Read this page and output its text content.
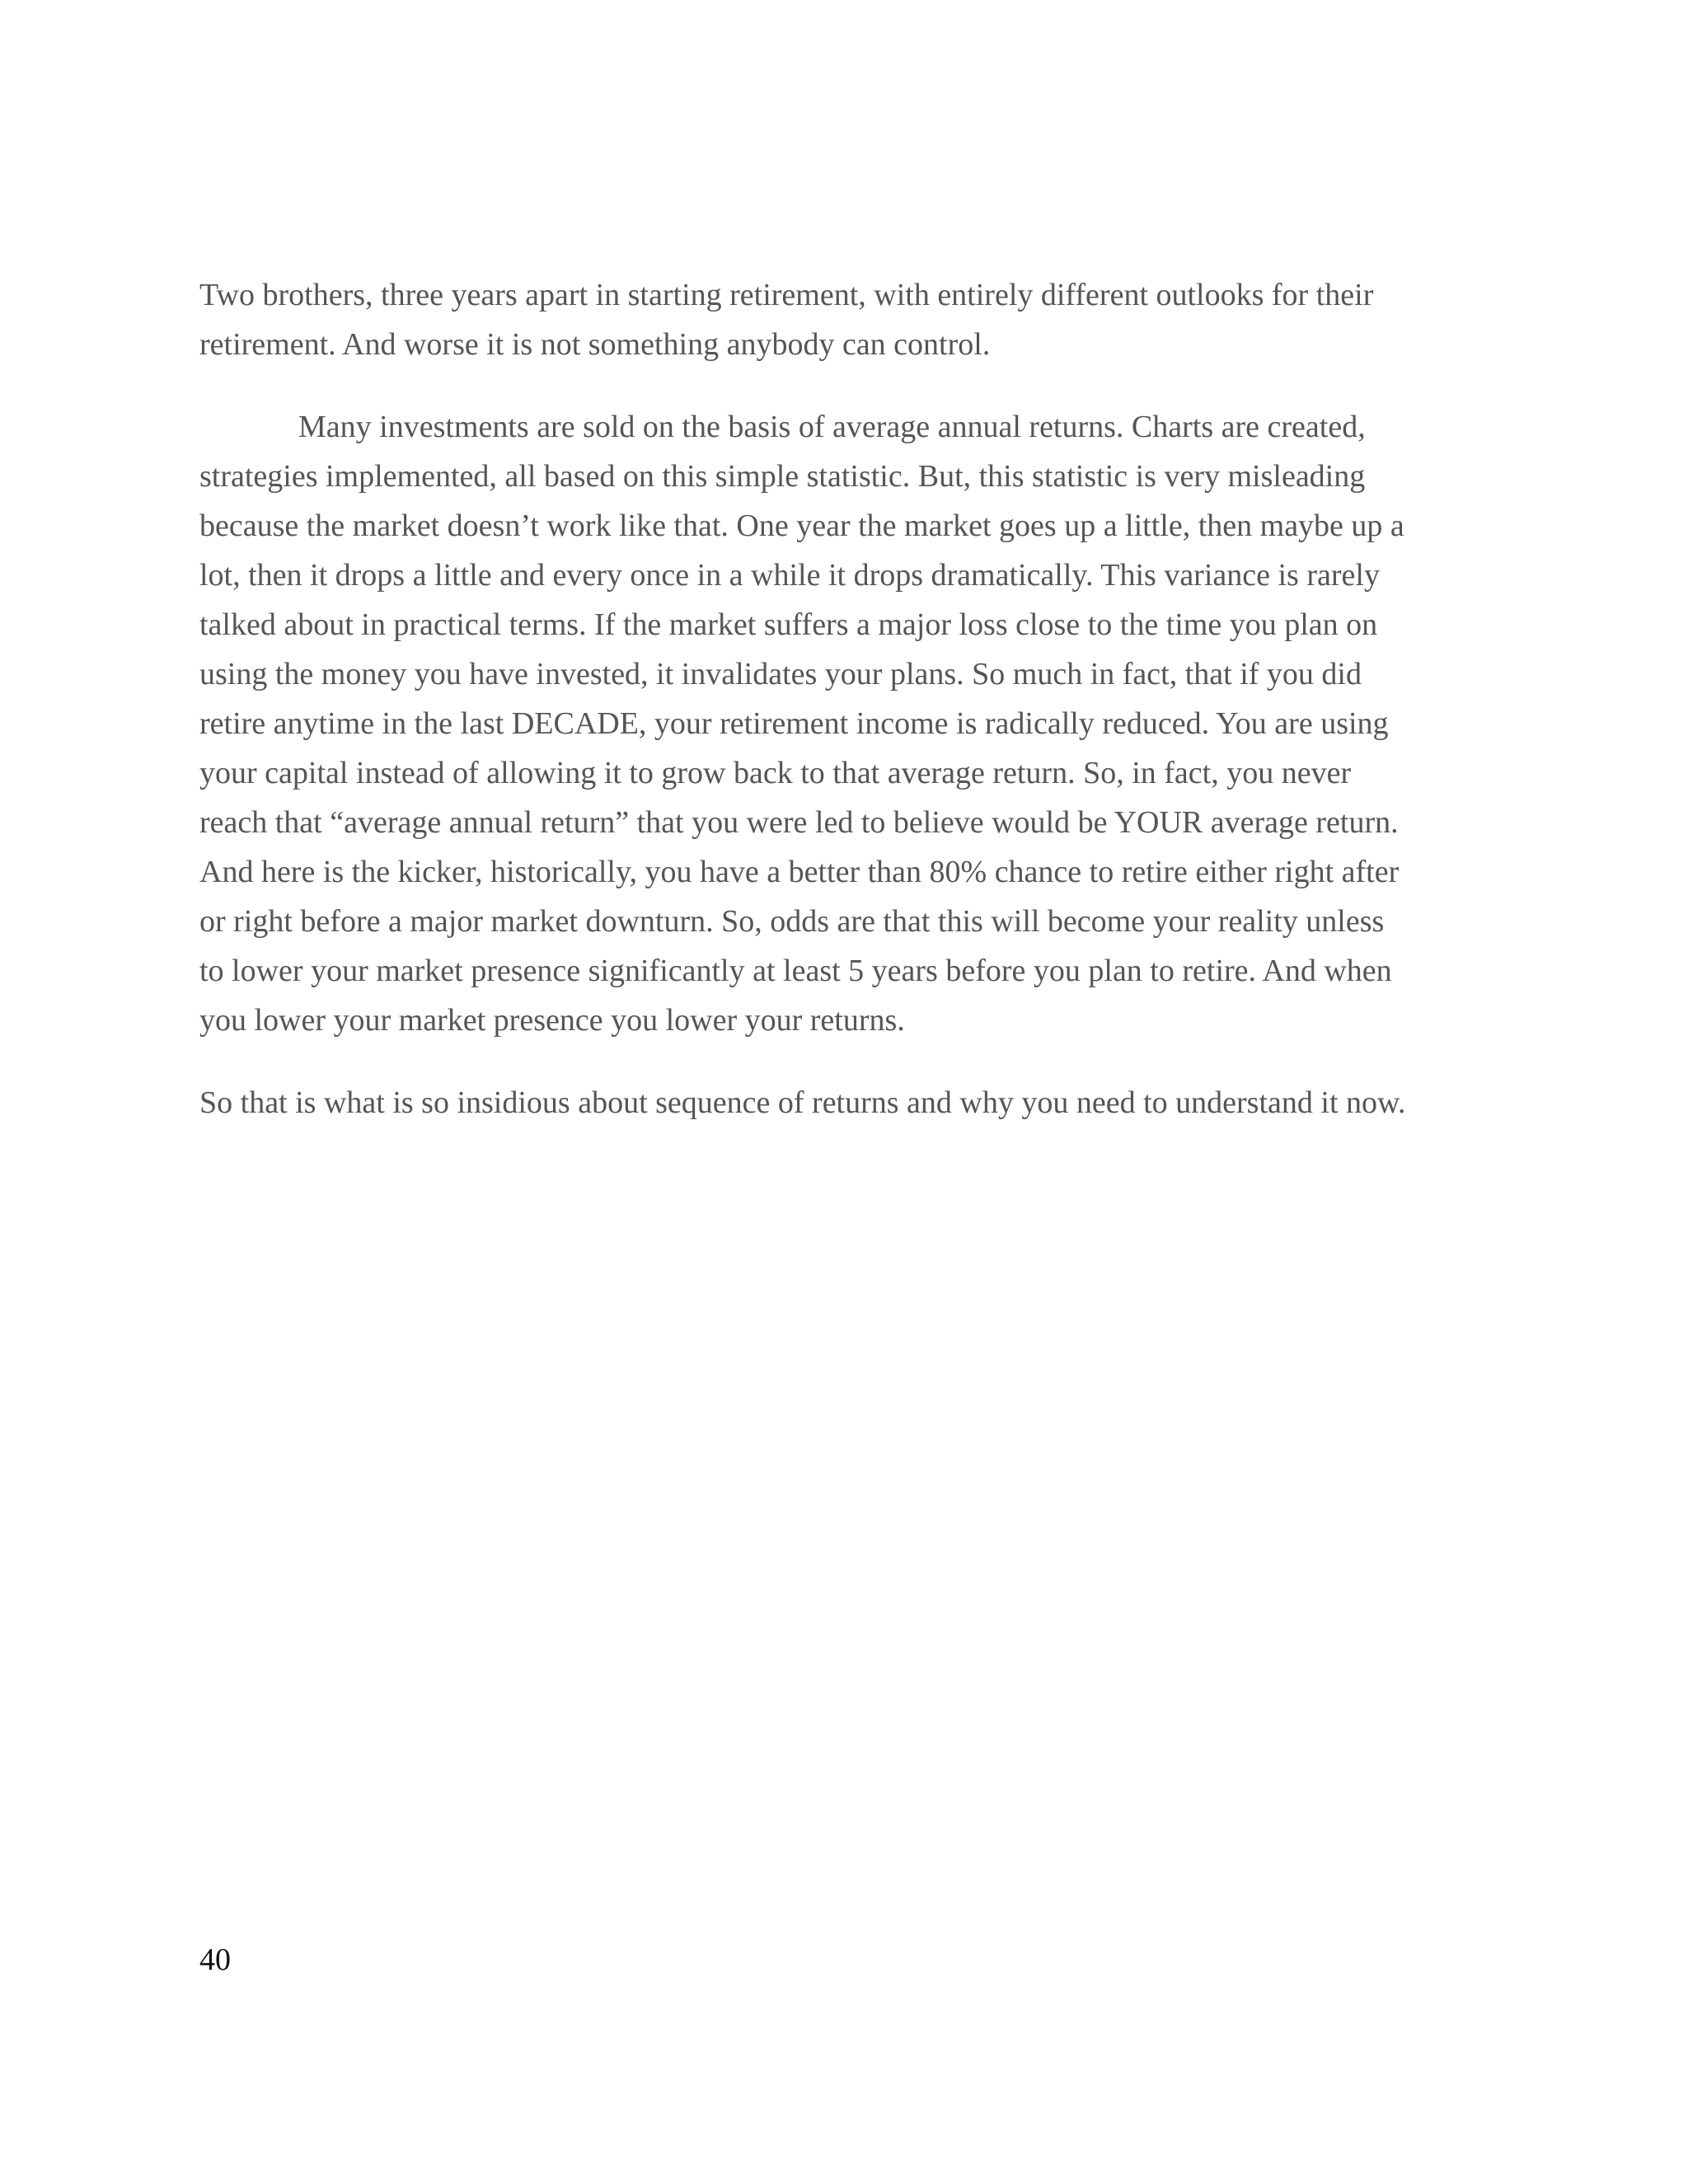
Two brothers, three years apart in starting retirement, with entirely different outlooks for their
retirement. And worse it is not something anybody can control.

Many investments are sold on the basis of average annual returns. Charts are created,
strategies implemented, all based on this simple statistic. But, this statistic is very misleading
because the market doesn’t work like that. One year the market goes up a little, then maybe up a
lot, then it drops a little and every once in a while it drops dramatically. This variance is rarely
talked about in practical terms. If the market suffers a major loss close to the time you plan on
using the money you have invested, it invalidates your plans. So much in fact, that if you did
retire anytime in the last DECADE, your retirement income is radically reduced. You are using
your capital instead of allowing it to grow back to that average return. So, in fact, you never
reach that “average annual return” that you were led to believe would be YOUR average return.
And here is the kicker, historically, you have a better than 80% chance to retire either right after
or right before a major market downturn. So, odds are that this will become your reality unless
to lower your market presence significantly at least 5 years before you plan to retire. And when
you lower your market presence you lower your returns.

So that is what is so insidious about sequence of returns and why you need to understand it now.

40
